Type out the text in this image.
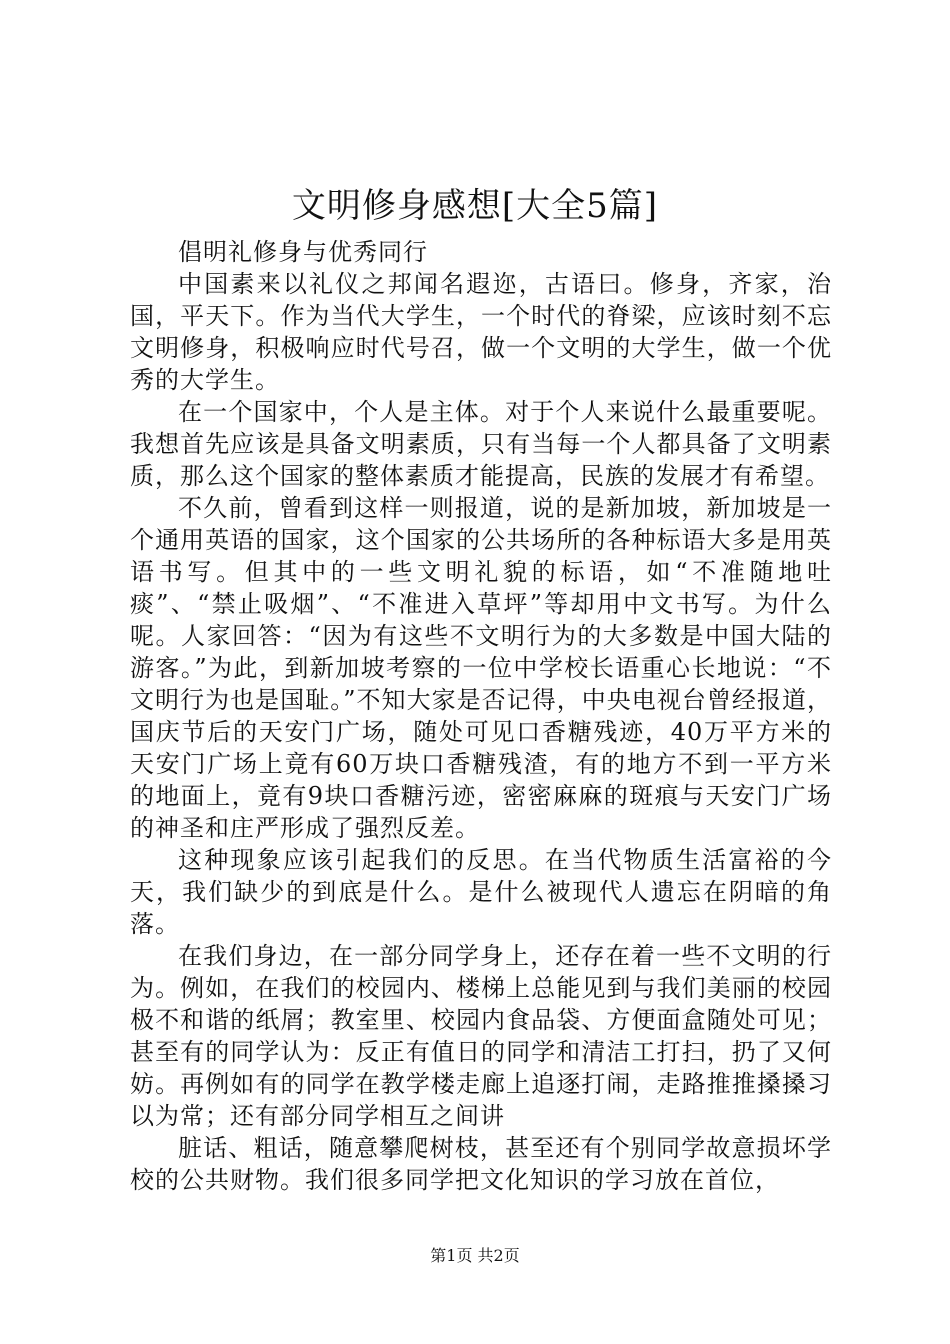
文明修身感想[大全5篇]

倡明礼修身与优秀同行

中国素来以礼仪之邦闻名遐迩，古语曰。修身，齐家，治国，平天下。作为当代大学生，一个时代的脊梁，应该时刻不忘文明修身，积极响应时代号召，做一个文明的大学生，做一个优秀的大学生。

在一个国家中，个人是主体。对于个人来说什么最重要呢。我想首先应该是具备文明素质，只有当每一个人都具备了文明素质，那么这个国家的整体素质才能提高，民族的发展才有希望。

不久前，曾看到这样一则报道，说的是新加坡，新加坡是一个通用英语的国家，这个国家的公共场所的各种标语大多是用英语书写。但其中的一些文明礼貌的标语，如“不准随地吐痰”、“禁止吸烟”、“不准进入草坪”等却用中文书写。为什么呢。人家回答：“因为有这些不文明行为的大多数是中国大陆的游客。”为此，到新加坡考察的一位中学校长语重心长地说：“不文明行为也是国耻。”不知大家是否记得，中央电视台曾经报道，国庆节后的天安门广场，随处可见口香糖残迹，40万平方米的天安门广场上竟有60万块口香糖残渣，有的地方不到一平方米的地面上，竟有9块口香糖污迹，密密麻麻的斑痕与天安门广场的神圣和庄严形成了强烈反差。

这种现象应该引起我们的反思。在当代物质生活富裕的今天，我们缺少的到底是什么。是什么被现代人遗忘在阴暗的角落。

在我们身边，在一部分同学身上，还存在着一些不文明的行为。例如，在我们的校园内、楼梯上总能见到与我们美丽的校园极不和谐的纸屑；教室里、校园内食品袋、方便面盒随处可见；甚至有的同学认为：反正有值日的同学和清洁工打扫，扔了又何妨。再例如有的同学在教学楼走廊上追逐打闹，走路推推搡搡习以为常；还有部分同学相互之间讲

脏话、粗话，随意攀爬树枝，甚至还有个别同学故意损坏学校的公共财物。我们很多同学把文化知识的学习放在首位，

第1页 共2页
